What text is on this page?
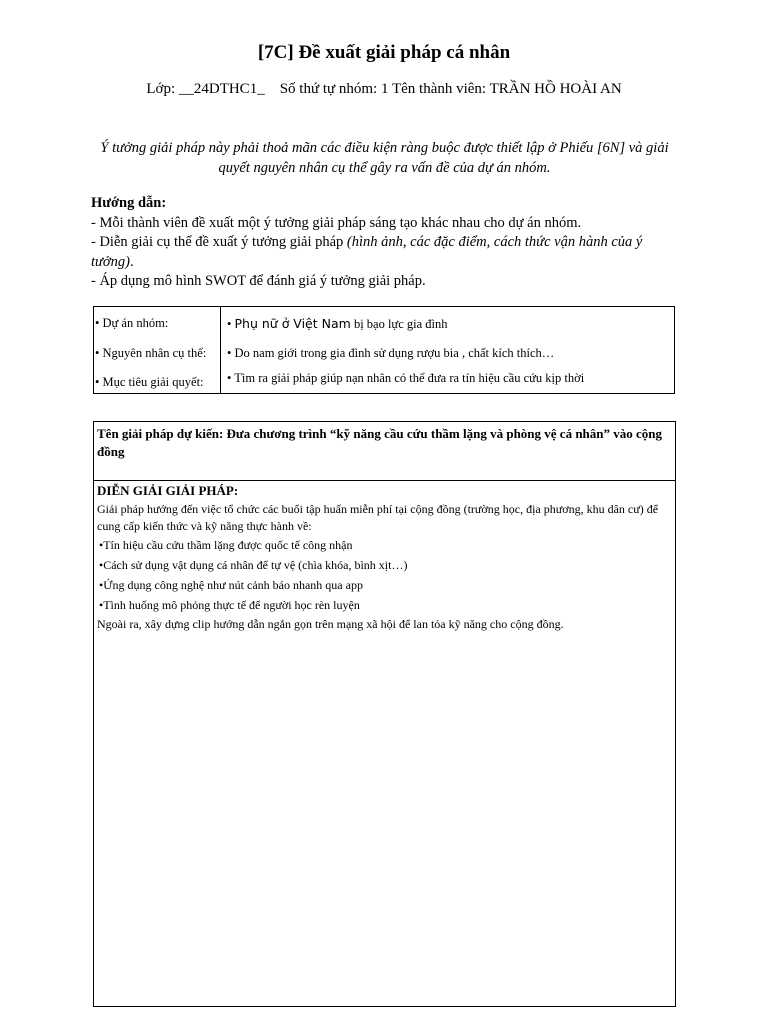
[7C] Đề xuất giải pháp cá nhân
Lớp: __24DTHC1_ Số thứ tự nhóm: 1 Tên thành viên: TRẦN HỒ HOÀI AN
Ý tưởng giải pháp này phải thoả mãn các điều kiện ràng buộc được thiết lập ở Phiếu [6N] và giải quyết nguyên nhân cụ thể gây ra vấn đề của dự án nhóm.
Hướng dẫn:
- Mỗi thành viên đề xuất một ý tưởng giải pháp sáng tạo khác nhau cho dự án nhóm.
- Diễn giải cụ thể đề xuất ý tưởng giải pháp (hình ảnh, các đặc điểm, cách thức vận hành của ý tưởng).
- Áp dụng mô hình SWOT để đánh giá ý tưởng giải pháp.
• Dự án nhóm:	• Phụ nữ ở Việt Nam bị bạo lực gia đình
• Nguyên nhân cụ thể:	• Do nam giới trong gia đình sử dụng rượu bia , chất kích thích…
• Mục tiêu giải quyết:	• Tìm ra giải pháp giúp nạn nhân có thể đưa ra tín hiệu cầu cứu kịp thời
Tên giải pháp dự kiến: Đưa chương trình “kỹ năng cầu cứu thầm lặng và phòng vệ cá nhân” vào cộng đồng
DIỄN GIẢI GIẢI PHÁP:
Giải pháp hướng đến việc tổ chức các buổi tập huấn miễn phí tại cộng đồng (trường học, địa phương, khu dân cư) để cung cấp kiến thức và kỹ năng thực hành về:
•Tín hiệu cầu cứu thầm lặng được quốc tế công nhận
•Cách sử dụng vật dụng cá nhân để tự vệ (chìa khóa, bình xịt…)
•Ứng dụng công nghệ như nút cảnh báo nhanh qua app
•Tình huống mô phỏng thực tế để người học rèn luyện
Ngoài ra, xây dựng clip hướng dẫn ngắn gọn trên mạng xã hội để lan tỏa kỹ năng cho cộng đồng.
